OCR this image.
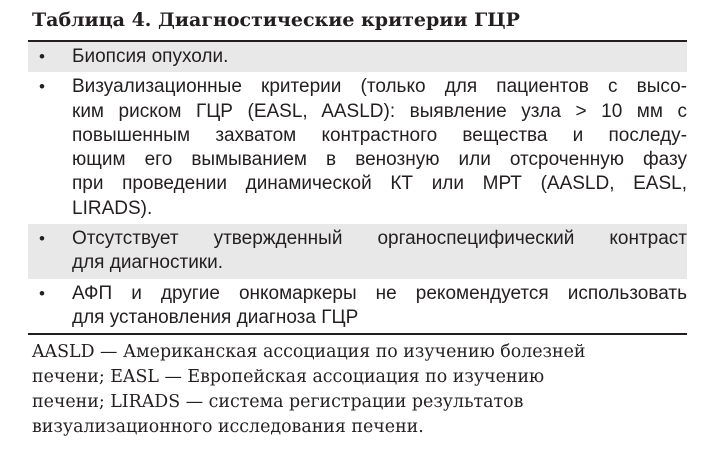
Таблица 4. Диагностические критерии ГЦР
•	Биопсия опухоли.
•	Визуализационные критерии (только для пациентов с высо-
ким риском ГЦР (EASL, AASLD): выявление узла > 10 мм с
повышенным захватом контрастного вещества и последу-
ющим его вымыванием в венозную или отсроченную фазу
при проведении динамической КТ или МРТ (AASLD, EASL,
LIRADS).
•	Отсутствует утвержденный органоспецифический контраст
для диагностики.
•	АФП и другие онкомаркеры не рекомендуется использовать
для установления диагноза ГЦР
AASLD — Американская ассоциация по изучению болезней
печени; EASL — Европейская ассоциация по изучению
печени; LIRADS — система регистрации результатов
визуализационного исследования печени.
